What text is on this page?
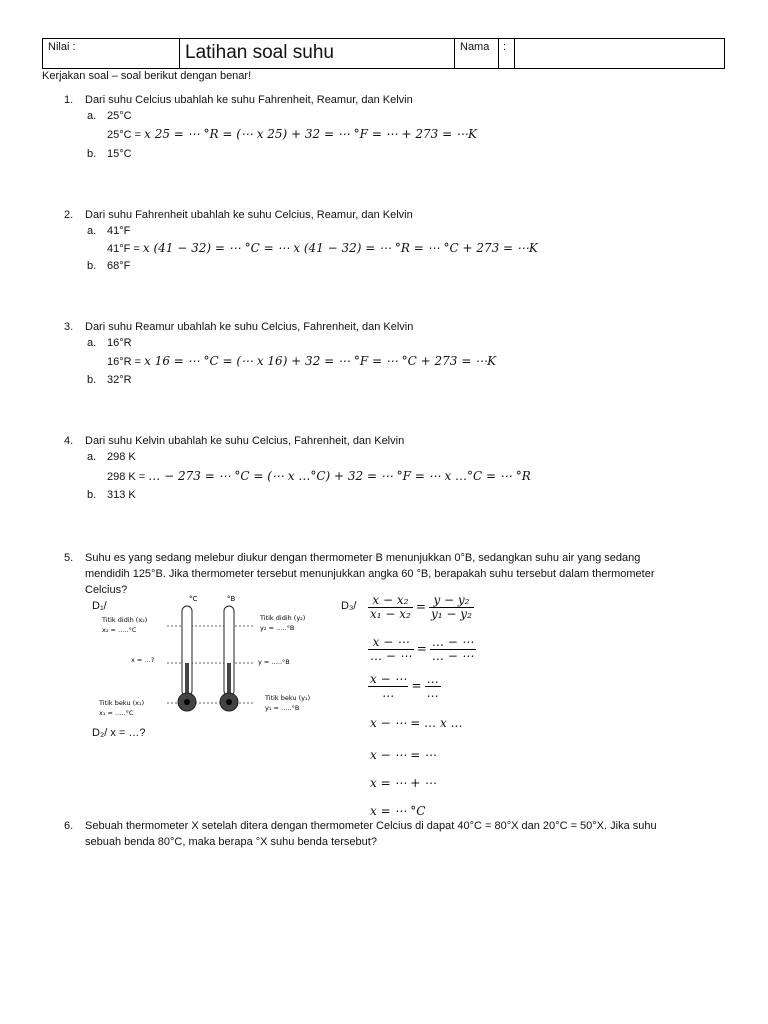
Nilai :	Latihan soal suhu	Nama :
Kerjakan soal – soal berikut dengan benar!
1. Dari suhu Celcius ubahlah ke suhu Fahrenheit, Reamur, dan Kelvin
a. 25°C
25°C = x 25 = ⋯ °R = (⋯ x 25) + 32 = ⋯ °F = ⋯ + 273 = ⋯K
b. 15°C
2. Dari suhu Fahrenheit ubahlah ke suhu Celcius, Reamur, dan Kelvin
a. 41°F
41°F = x (41 − 32) = ⋯ °C = ⋯ x (41 − 32) = ⋯ °R = ⋯ °C + 273 = ⋯K
b. 68°F
3. Dari suhu Reamur ubahlah ke suhu Celcius, Fahrenheit, dan Kelvin
a. 16°R
16°R = x 16 = ⋯ °C = (⋯ x 16) + 32 = ⋯ °F = ⋯ °C + 273 = ⋯K
b. 32°R
4. Dari suhu Kelvin ubahlah ke suhu Celcius, Fahrenheit, dan Kelvin
a. 298 K
298 K = … − 273 = ⋯ °C = (⋯ x …°C) + 32 = ⋯ °F = ⋯ x …°C = ⋯ °R
b. 313 K
5. Suhu es yang sedang melebur diukur dengan thermometer B menunjukkan 0°B, sedangkan suhu air yang sedang
mendidih 125°B. Jika thermometer tersebut menunjukkan angka 60 °B, berapakah suhu tersebut dalam thermometer
Celcius?
D₁/
D₂/ x = …?
D₃/
°C	°B
Titik didih (x₂)
x₂ = …..°C
x = …?
Titik beku (x₁)
x₁ = …..°C
Titik didih (y₂)
y₂ = …..°B
y = …..°B
Titik beku (y₁)
y₁ = …..°B
$\frac{\text{x − x₂}}{\text{x₁ − x₂}} = \frac{\text{y − y₂}}{\text{y₁ − y₂}}$
$\frac{x - \cdots}{\dots - \cdots} = \frac{\dots - \cdots}{\dots - \cdots}$
$\frac{x - \cdots}{\dots} = \frac{\dots}{\dots}$
x − ⋯ = … x …
x − ⋯ = ⋯
x = ⋯ + ⋯
x = ⋯ °C
6. Sebuah thermometer X setelah ditera dengan thermometer Celcius di dapat 40°C = 80°X dan 20°C = 50°X. Jika suhu
sebuah benda 80°C, maka berapa °X suhu benda tersebut?
